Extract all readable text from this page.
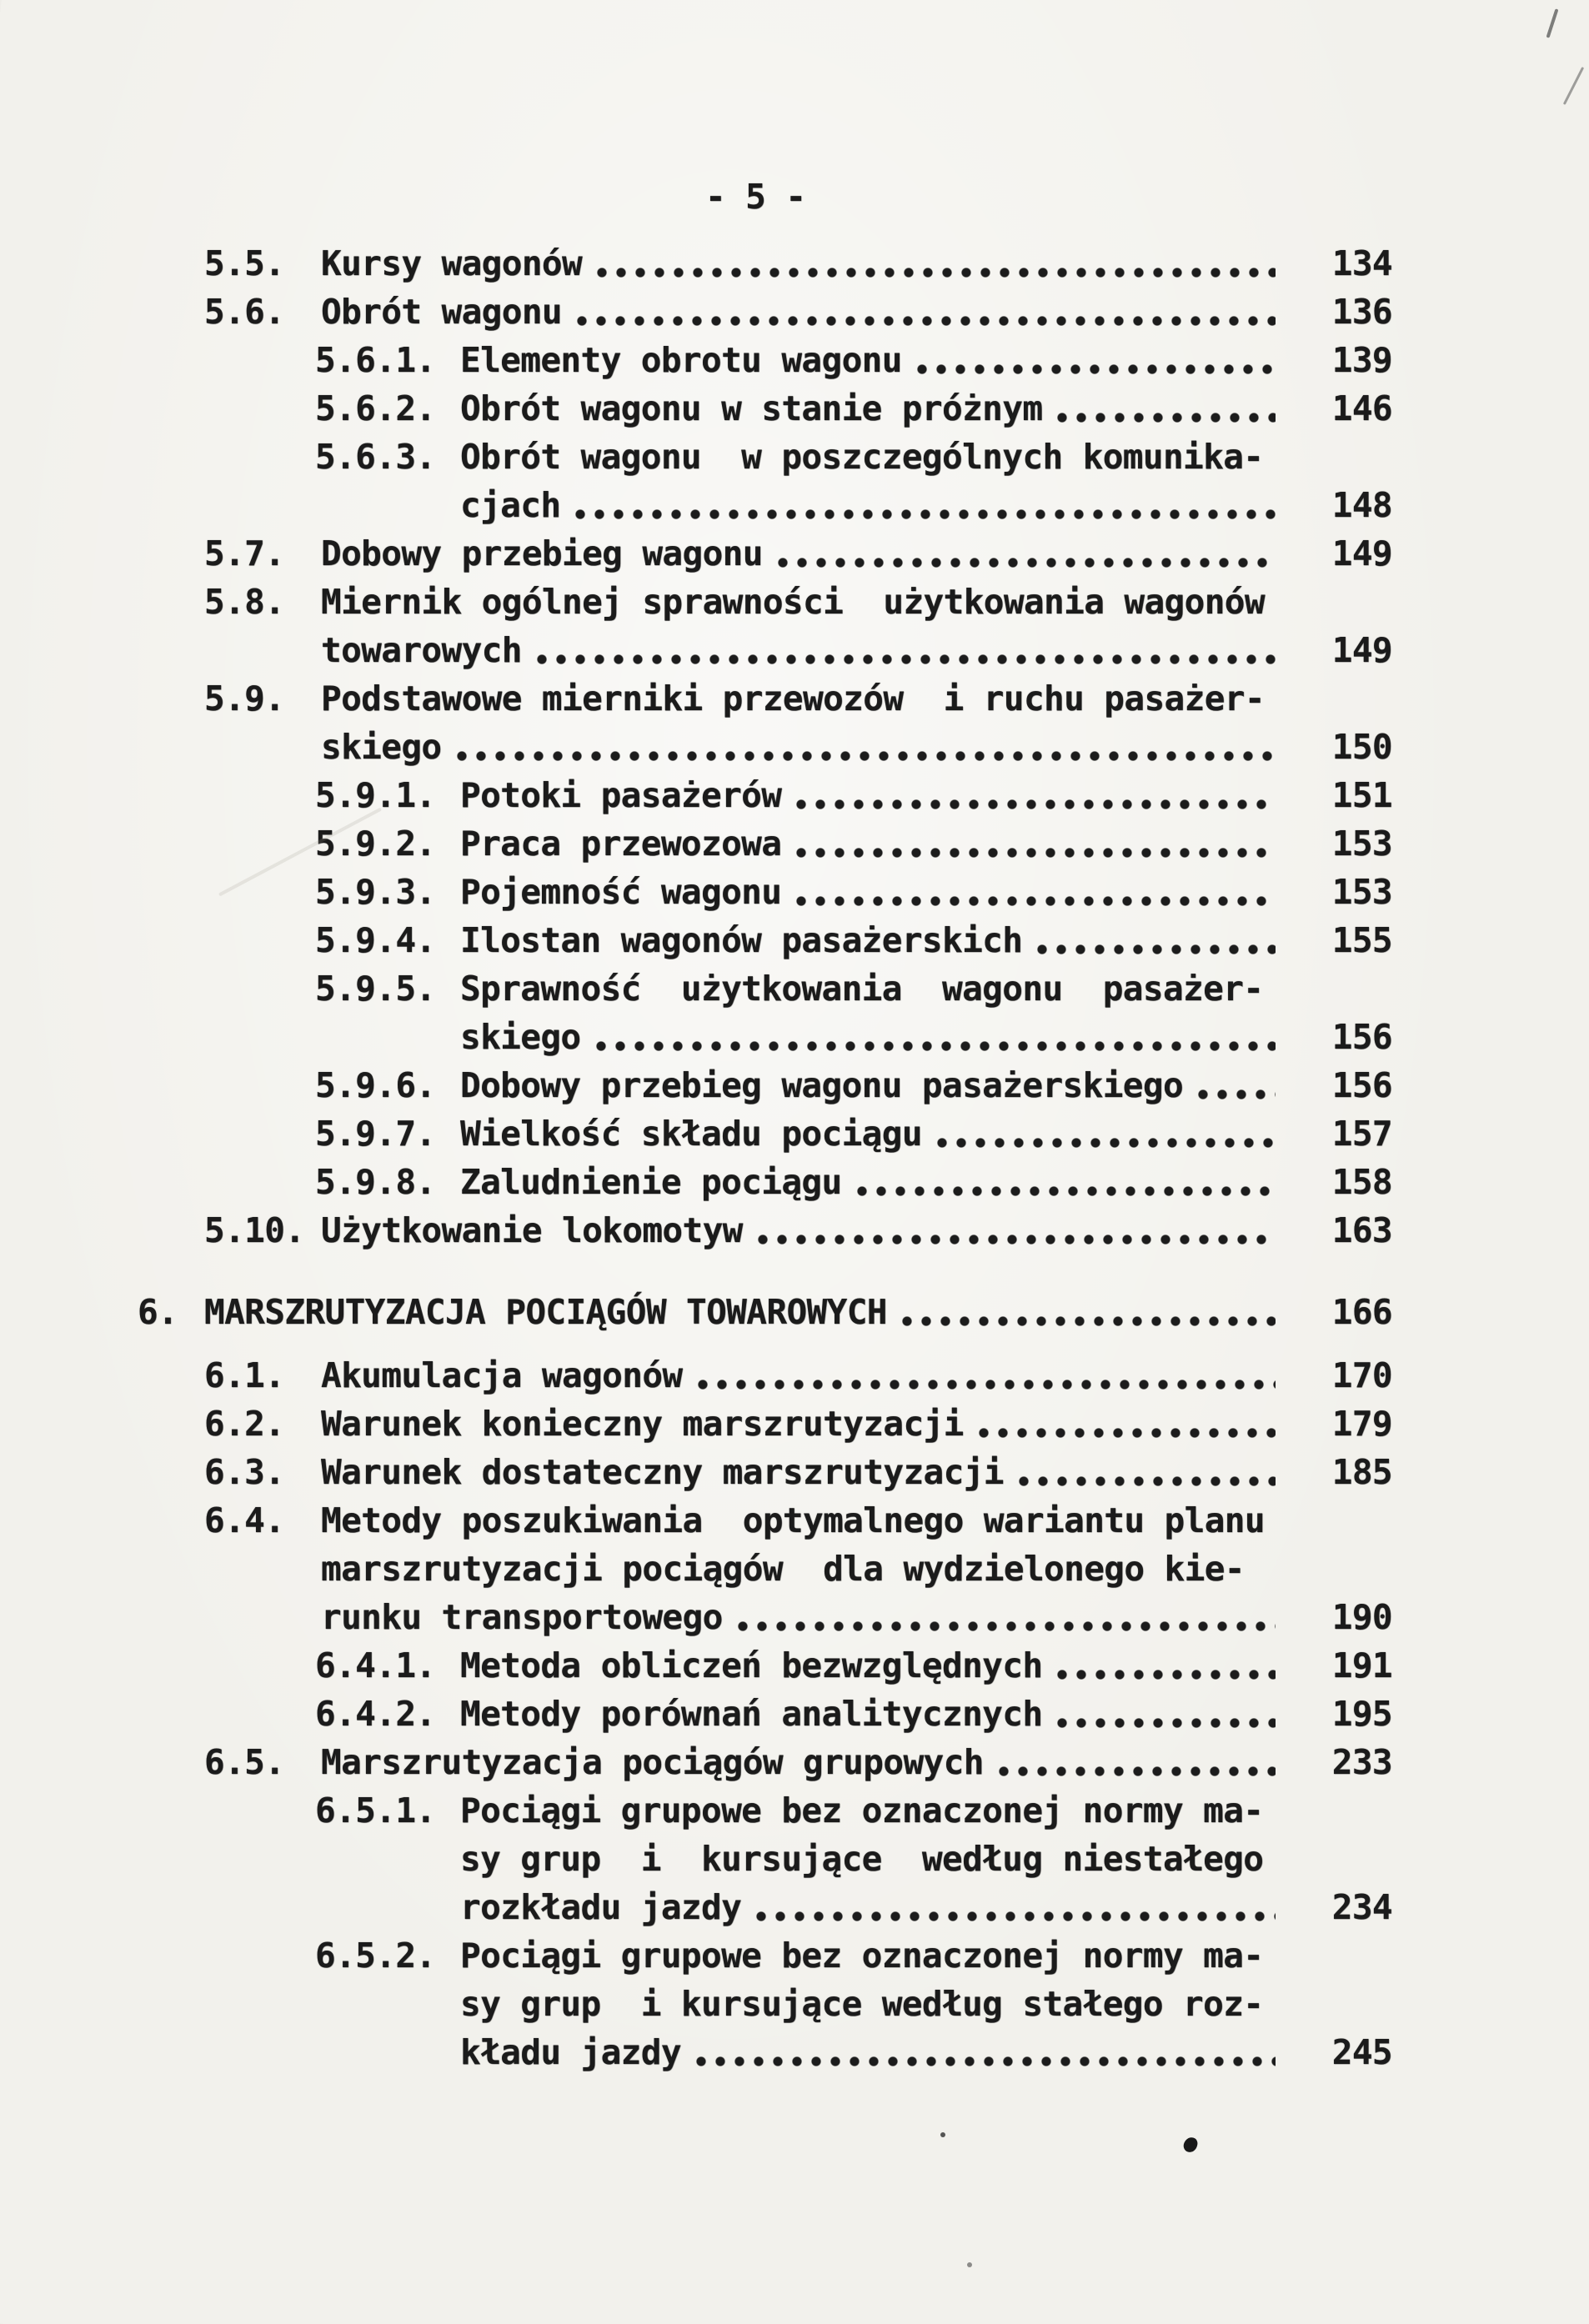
- 5 -
5.5.	Kursy wagonów	134
5.6.	Obrót wagonu	136
5.6.1. Elementy obrotu wagonu	139
5.6.2. Obrót wagonu w stanie próżnym	146
5.6.3. Obrót wagonu  w poszczególnych komunika-
cjach	148
5.7.	Dobowy przebieg wagonu	149
5.8.	Miernik ogólnej sprawności  użytkowania wagonów
towarowych	149
5.9.	Podstawowe mierniki przewozów  i ruchu pasażer-
skiego	150
5.9.1. Potoki pasażerów	151
5.9.2. Praca przewozowa	153
5.9.3. Pojemność wagonu	153
5.9.4. Ilostan wagonów pasażerskich	155
5.9.5. Sprawność  użytkowania  wagonu  pasażer-
skiego	156
5.9.6. Dobowy przebieg wagonu pasażerskiego	156
5.9.7. Wielkość składu pociągu	157
5.9.8. Zaludnienie pociągu	158
5.10. Użytkowanie lokomotyw	163
6. MARSZRUTYZACJA POCIĄGÓW TOWAROWYCH	166
6.1.	Akumulacja wagonów	170
6.2.	Warunek konieczny marszrutyzacji	179
6.3.	Warunek dostateczny marszrutyzacji	185
6.4.	Metody poszukiwania  optymalnego wariantu planu
marszrutyzacji pociągów  dla wydzielonego kie-
runku transportowego	190
6.4.1. Metoda obliczeń bezwzględnych	191
6.4.2. Metody porównań analitycznych	195
6.5.	Marszrutyzacja pociągów grupowych	233
6.5.1. Pociągi grupowe bez oznaczonej normy ma-
sy grup  i  kursujące  według niestałego
rozkładu jazdy	234
6.5.2. Pociągi grupowe bez oznaczonej normy ma-
sy grup  i kursujące według stałego roz-
kładu jazdy	245
